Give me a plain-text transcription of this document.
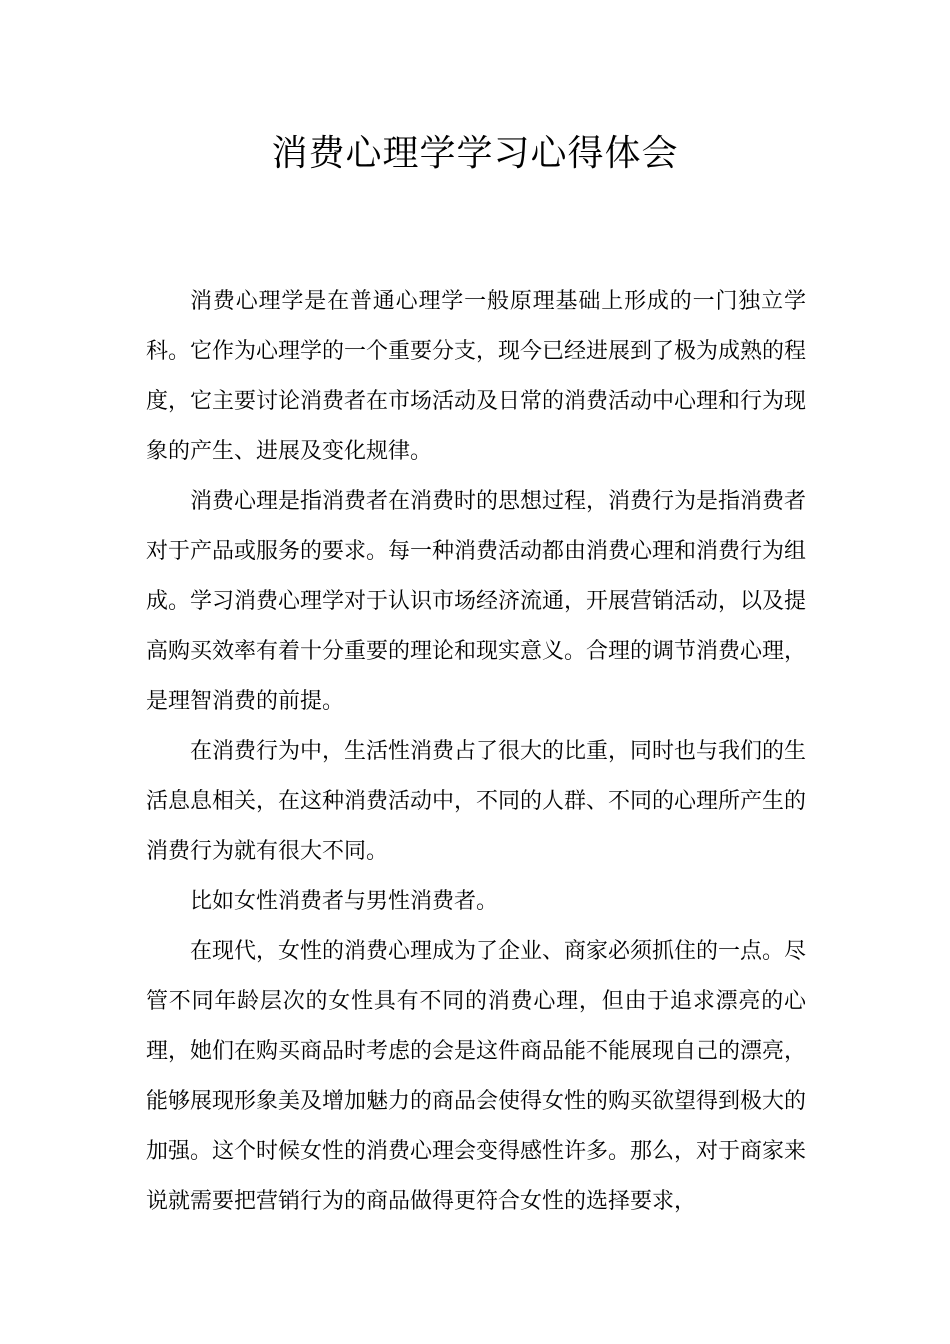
消费心理学学习心得体会

消费心理学是在普通心理学一般原理基础上形成的一门独立学科。它作为心理学的一个重要分支，现今已经进展到了极为成熟的程度，它主要讨论消费者在市场活动及日常的消费活动中心理和行为现象的产生、进展及变化规律。

消费心理是指消费者在消费时的思想过程，消费行为是指消费者对于产品或服务的要求。每一种消费活动都由消费心理和消费行为组成。学习消费心理学对于认识市场经济流通，开展营销活动，以及提高购买效率有着十分重要的理论和现实意义。合理的调节消费心理，是理智消费的前提。

在消费行为中，生活性消费占了很大的比重，同时也与我们的生活息息相关，在这种消费活动中，不同的人群、不同的心理所产生的消费行为就有很大不同。

比如女性消费者与男性消费者。

在现代，女性的消费心理成为了企业、商家必须抓住的一点。尽管不同年龄层次的女性具有不同的消费心理，但由于追求漂亮的心理，她们在购买商品时考虑的会是这件商品能不能展现自己的漂亮，能够展现形象美及增加魅力的商品会使得女性的购买欲望得到极大的加强。这个时候女性的消费心理会变得感性许多。那么，对于商家来说就需要把营销行为的商品做得更符合女性的选择要求，
